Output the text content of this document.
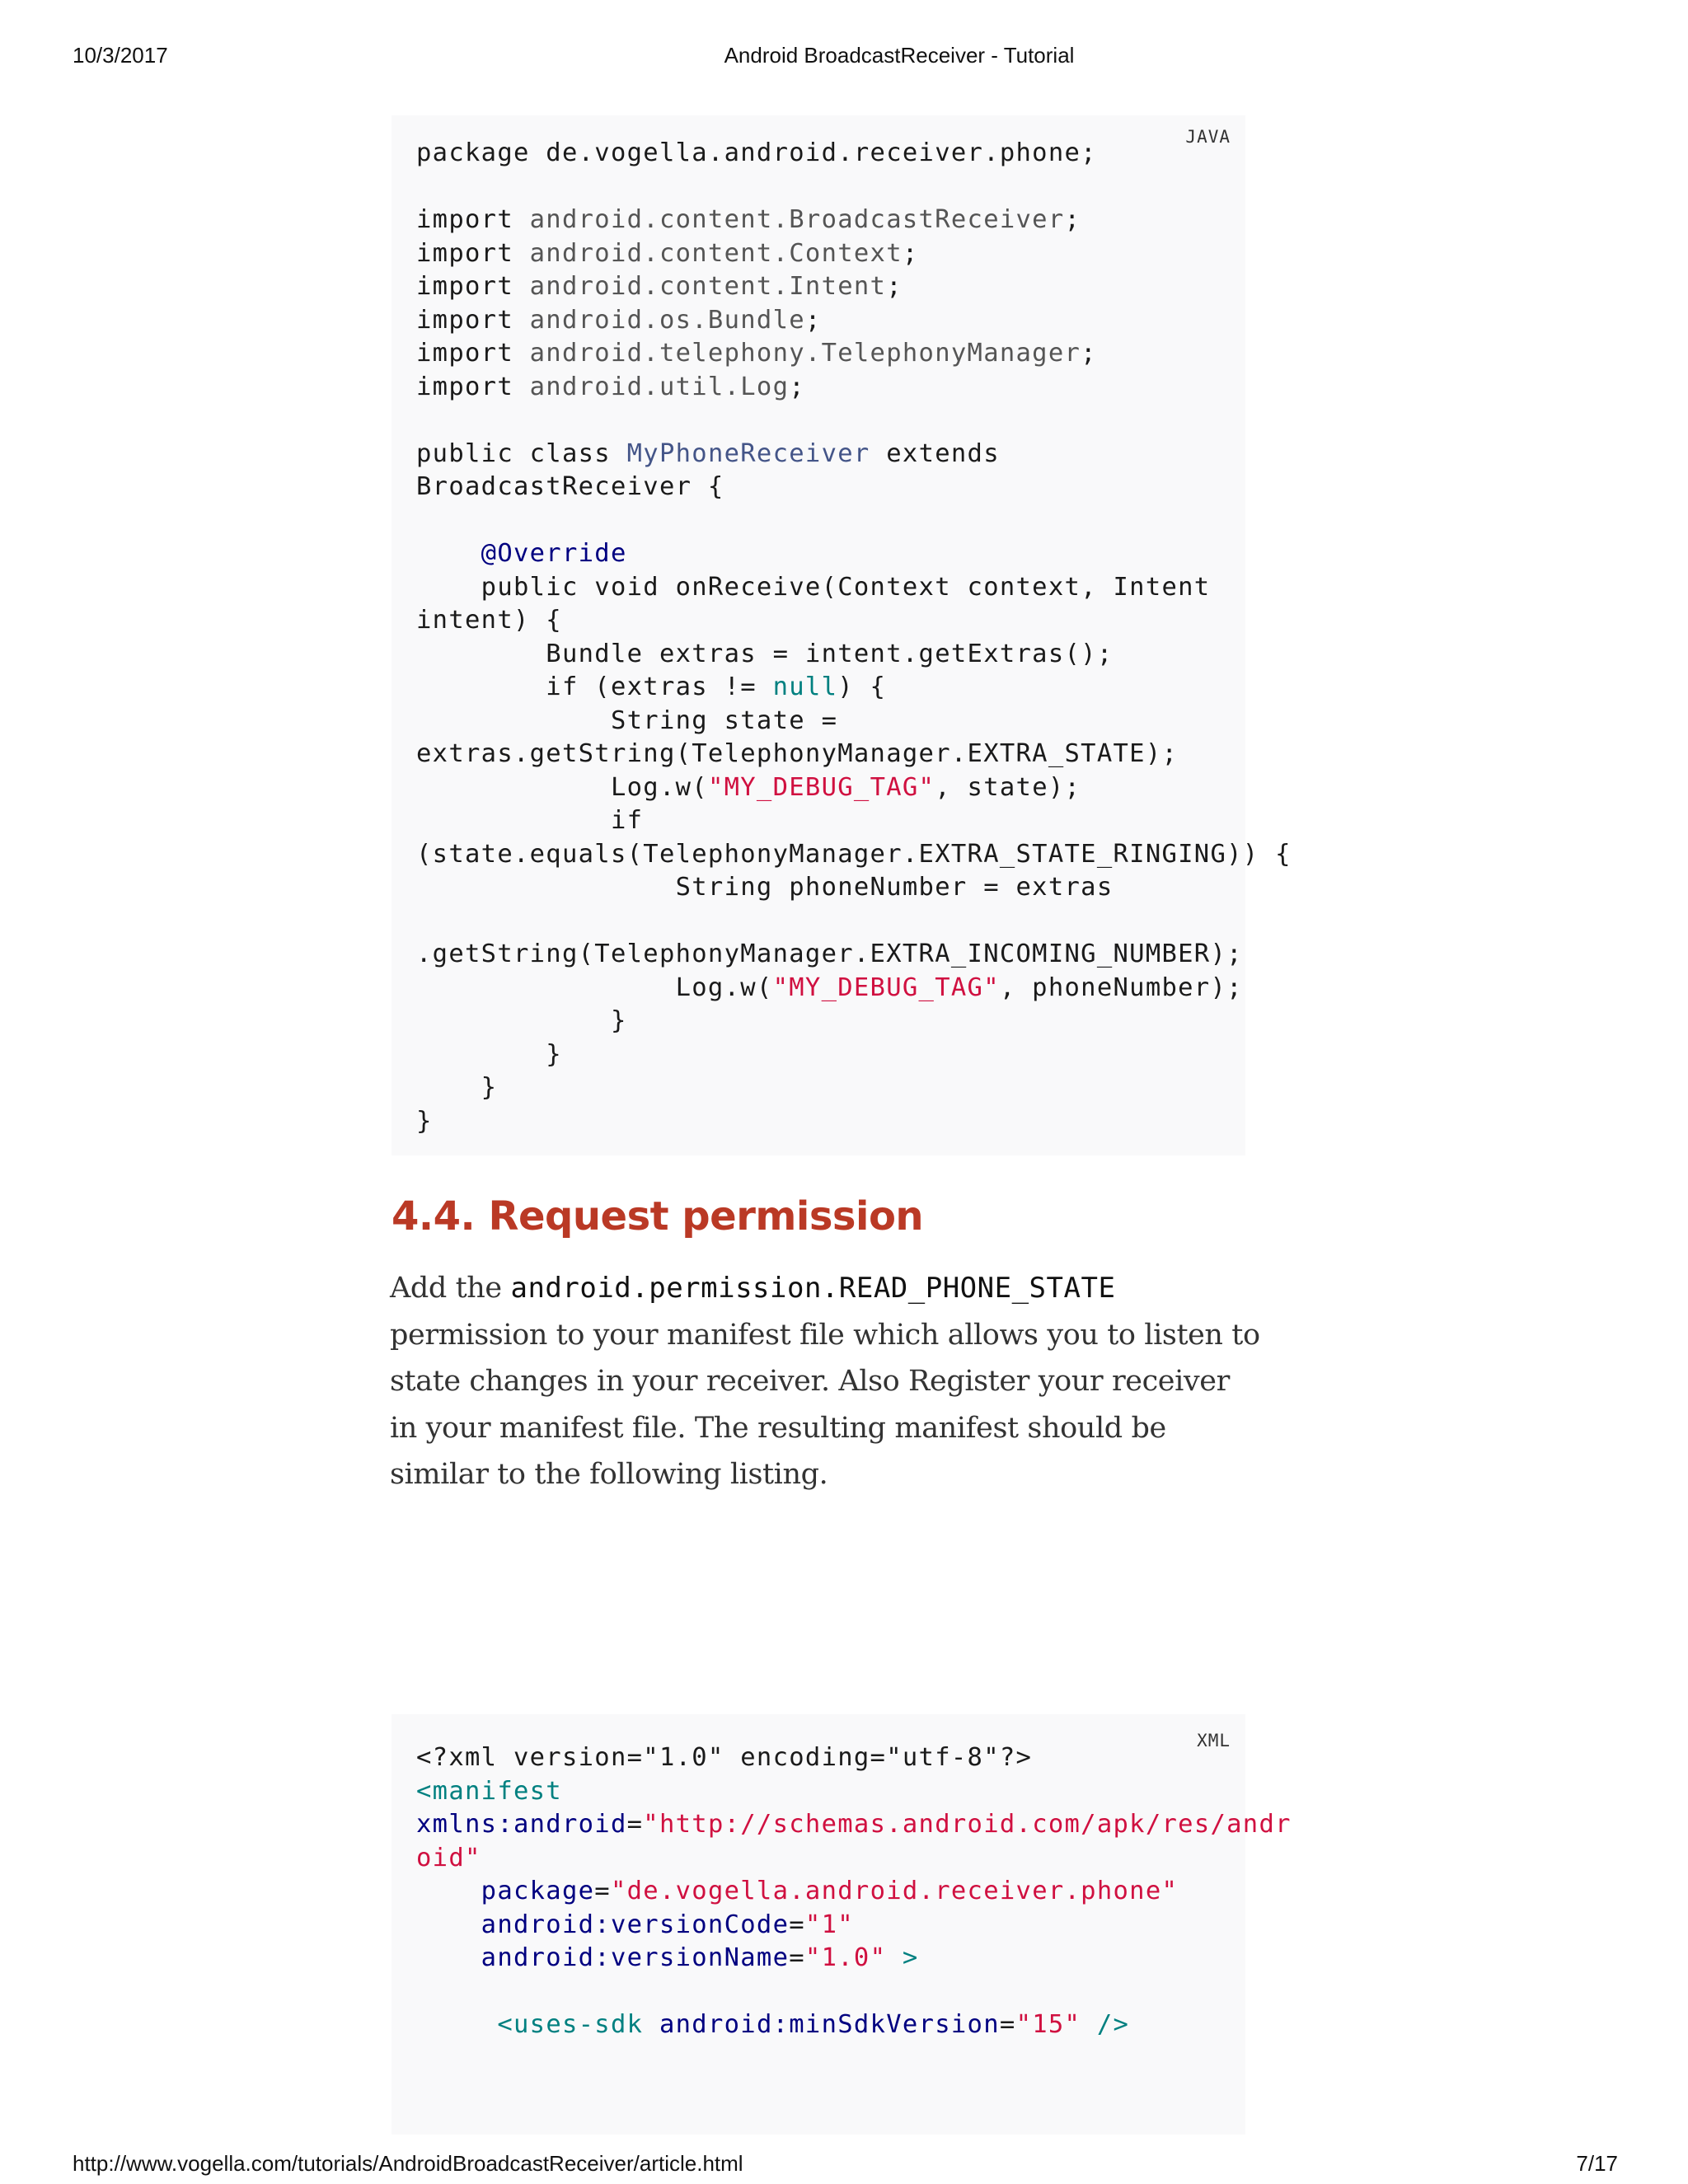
10/3/2017	Android BroadcastReceiver - Tutorial
JAVA
package de.vogella.android.receiver.phone;

import android.content.BroadcastReceiver;
import android.content.Context;
import android.content.Intent;
import android.os.Bundle;
import android.telephony.TelephonyManager;
import android.util.Log;

public class MyPhoneReceiver extends
BroadcastReceiver {

@Override
public void onReceive(Context context, Intent
intent) {
Bundle extras = intent.getExtras();
if (extras != null) {
String state =
extras.getString(TelephonyManager.EXTRA_STATE);
Log.w("MY_DEBUG_TAG", state);
if
(state.equals(TelephonyManager.EXTRA_STATE_RINGING)) {
String phoneNumber = extras

.getString(TelephonyManager.EXTRA_INCOMING_NUMBER);
Log.w("MY_DEBUG_TAG", phoneNumber);
}
}
}
}
4.4. Request permission

Add the android.permission.READ_PHONE_STATE permission to your manifest file which allows you to listen to state changes in your receiver. Also Register your receiver in your manifest file. The resulting manifest should be similar to the following listing.

XML
<?xml version="1.0" encoding="utf-8"?>
<manifest
xmlns:android="http://schemas.android.com/apk/res/andr
oid"
package="de.vogella.android.receiver.phone"
android:versionCode="1"
android:versionName="1.0" >

<uses-sdk android:minSdkVersion="15" />
http://www.vogella.com/tutorials/AndroidBroadcastReceiver/article.html	7/17
